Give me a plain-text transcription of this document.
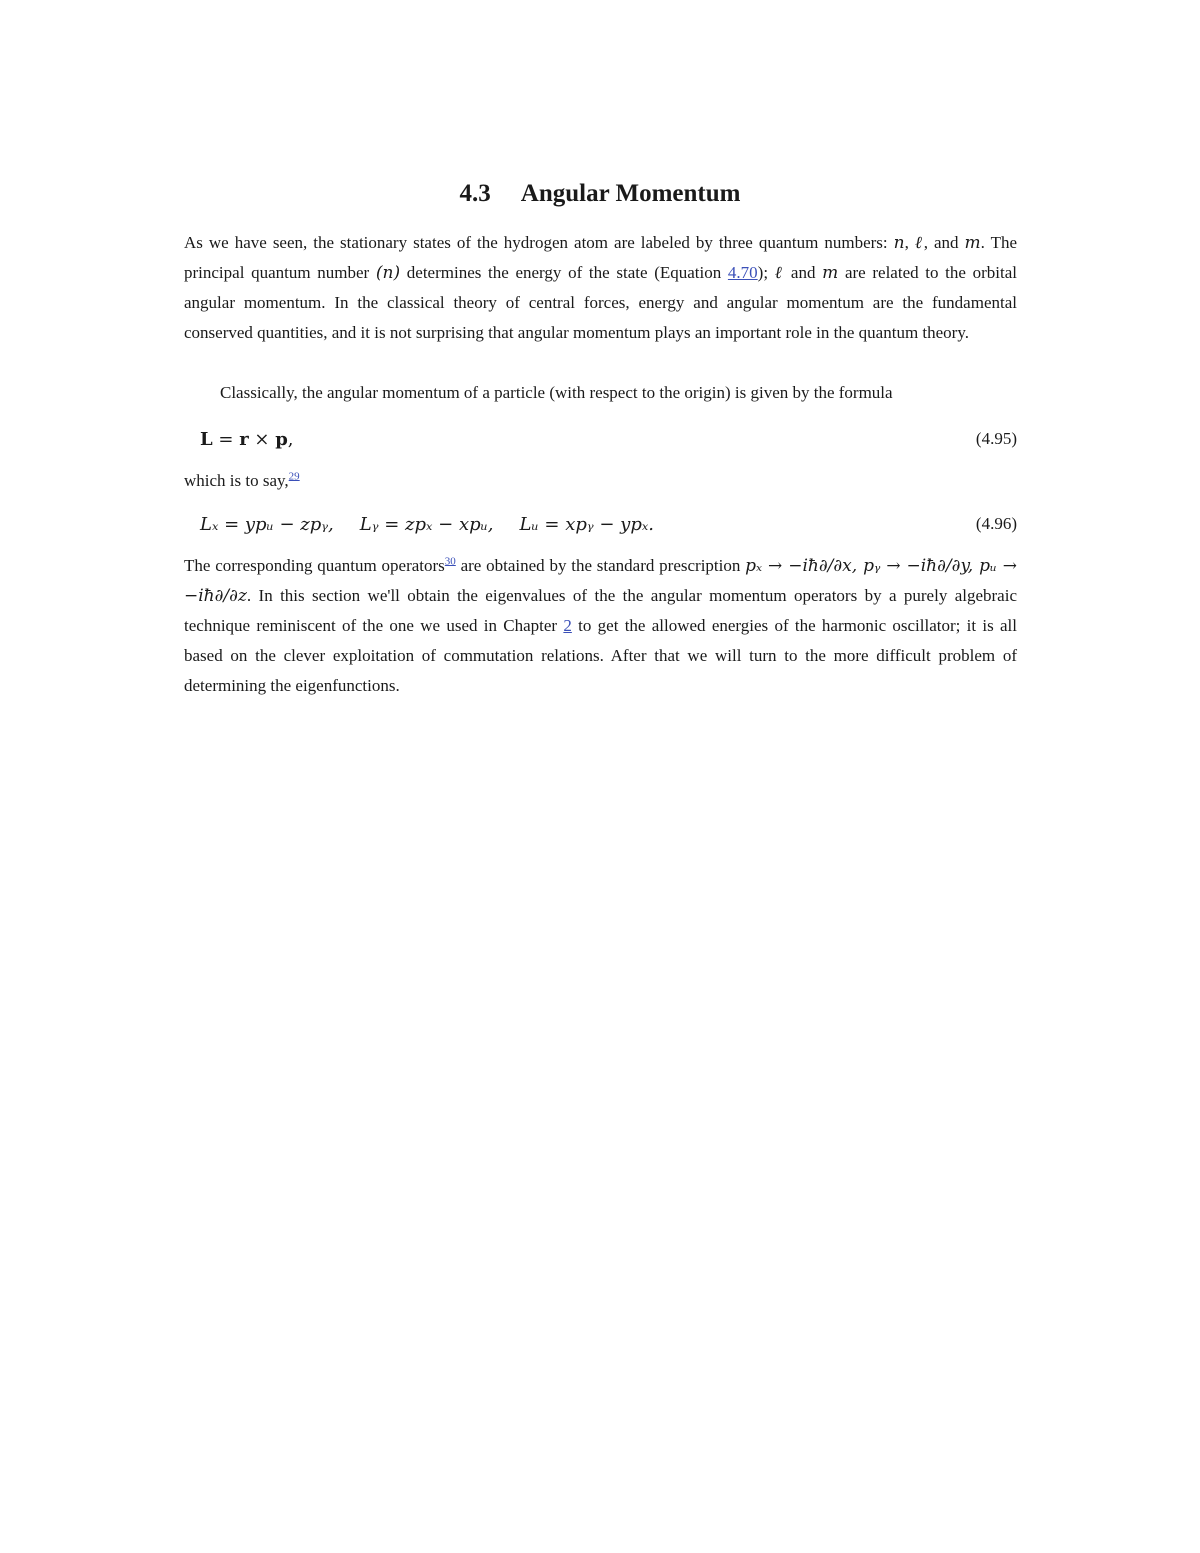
4.3 Angular Momentum
As we have seen, the stationary states of the hydrogen atom are labeled by three quantum numbers: n, ℓ, and m. The principal quantum number (n) determines the energy of the state (Equation 4.70); ℓ and m are related to the orbital angular momentum. In the classical theory of central forces, energy and angular momentum are the fundamental conserved quantities, and it is not surprising that angular momentum plays an important role in the quantum theory.
Classically, the angular momentum of a particle (with respect to the origin) is given by the formula
L = r × p,	(4.95)
which is to say,$^{29}$
Lₓ = ypᵤ − zpᵧ, Lᵧ = zpₓ − xpᵤ, Lᵤ = xpᵧ − ypₓ.	(4.96)
The corresponding quantum operators$^{30}$ are obtained by the standard prescription pₓ → −iħ∂/∂x, pᵧ → −iħ∂/∂y, pᵤ → −iħ∂/∂z. In this section we'll obtain the eigenvalues of the the angular momentum operators by a purely algebraic technique reminiscent of the one we used in Chapter 2 to get the allowed energies of the harmonic oscillator; it is all based on the clever exploitation of commutation relations. After that we will turn to the more difficult problem of determining the eigenfunctions.
